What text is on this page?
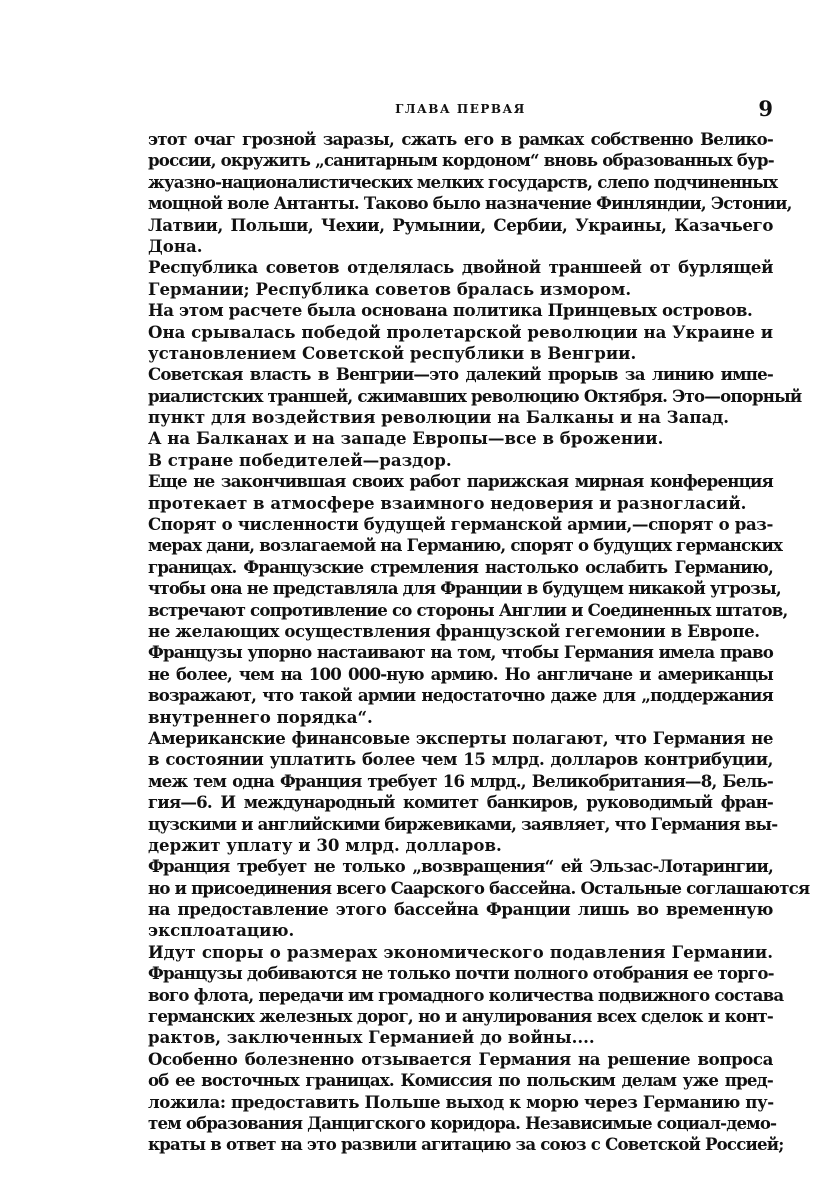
ГЛАВА ПЕРВАЯ	9
этот очаг грозной заразы, сжать его в рамках собственно Велико-
россии, окружить „санитарным кордоном“ вновь образованных бур-
жуазно-националистических мелких государств, слепо подчиненных
мощной воле Антанты. Таково было назначение Финляндии, Эстонии,
Латвии, Польши, Чехии, Румынии, Сербии, Украины, Казачьего
Дона.
Республика советов отделялась двойной траншеей от бурлящей
Германии; Республика советов бралась измором.
На этом расчете была основана политика Принцевых островов.
Она срывалась победой пролетарской революции на Украине и
установлением Советской республики в Венгрии.
Советская власть в Венгрии—это далекий прорыв за линию импе-
риалистских траншей, сжимавших революцию Октября. Это—опорный
пункт для воздействия революции на Балканы и на Запад.
А на Балканах и на западе Европы—все в брожении.
В стране победителей—раздор.
Еще не закончившая своих работ парижская мирная конференция
протекает в атмосфере взаимного недоверия и разногласий.
Спорят о численности будущей германской армии,—спорят о раз-
мерах дани, возлагаемой на Германию, спорят о будущих германских
границах. Французские стремления настолько ослабить Германию,
чтобы она не представляла для Франции в будущем никакой угрозы,
встречают сопротивление со стороны Англии и Соединенных штатов,
не желающих осуществления французской гегемонии в Европе.
Французы упорно настаивают на том, чтобы Германия имела право
не более, чем на 100 000-ную армию. Но англичане и американцы
возражают, что такой армии недостаточно даже для „поддержания
внутреннего порядка“.
Американские финансовые эксперты полагают, что Германия не
в состоянии уплатить более чем 15 млрд. долларов контрибуции,
меж тем одна Франция требует 16 млрд., Великобритания—8, Бель-
гия—6. И международный комитет банкиров, руководимый фран-
цузскими и английскими биржевиками, заявляет, что Германия вы-
держит уплату и 30 млрд. долларов.
Франция требует не только „возвращения“ ей Эльзас-Лотарингии,
но и присоединения всего Саарского бассейна. Остальные соглашаются
на предоставление этого бассейна Франции лишь во временную
эксплоатацию.
Идут споры о размерах экономического подавления Германии.
Французы добиваются не только почти полного отобрания ее торго-
вого флота, передачи им громадного количества подвижного состава
германских железных дорог, но и анулирования всех сделок и конт-
рактов, заключенных Германией до войны....
Особенно болезненно отзывается Германия на решение вопроса
об ее восточных границах. Комиссия по польским делам уже пред-
ложила: предоставить Польше выход к морю через Германию пу-
тем образования Данцигского коридора. Независимые социал-демо-
краты в ответ на это развили агитацию за союз с Советской Россией;
